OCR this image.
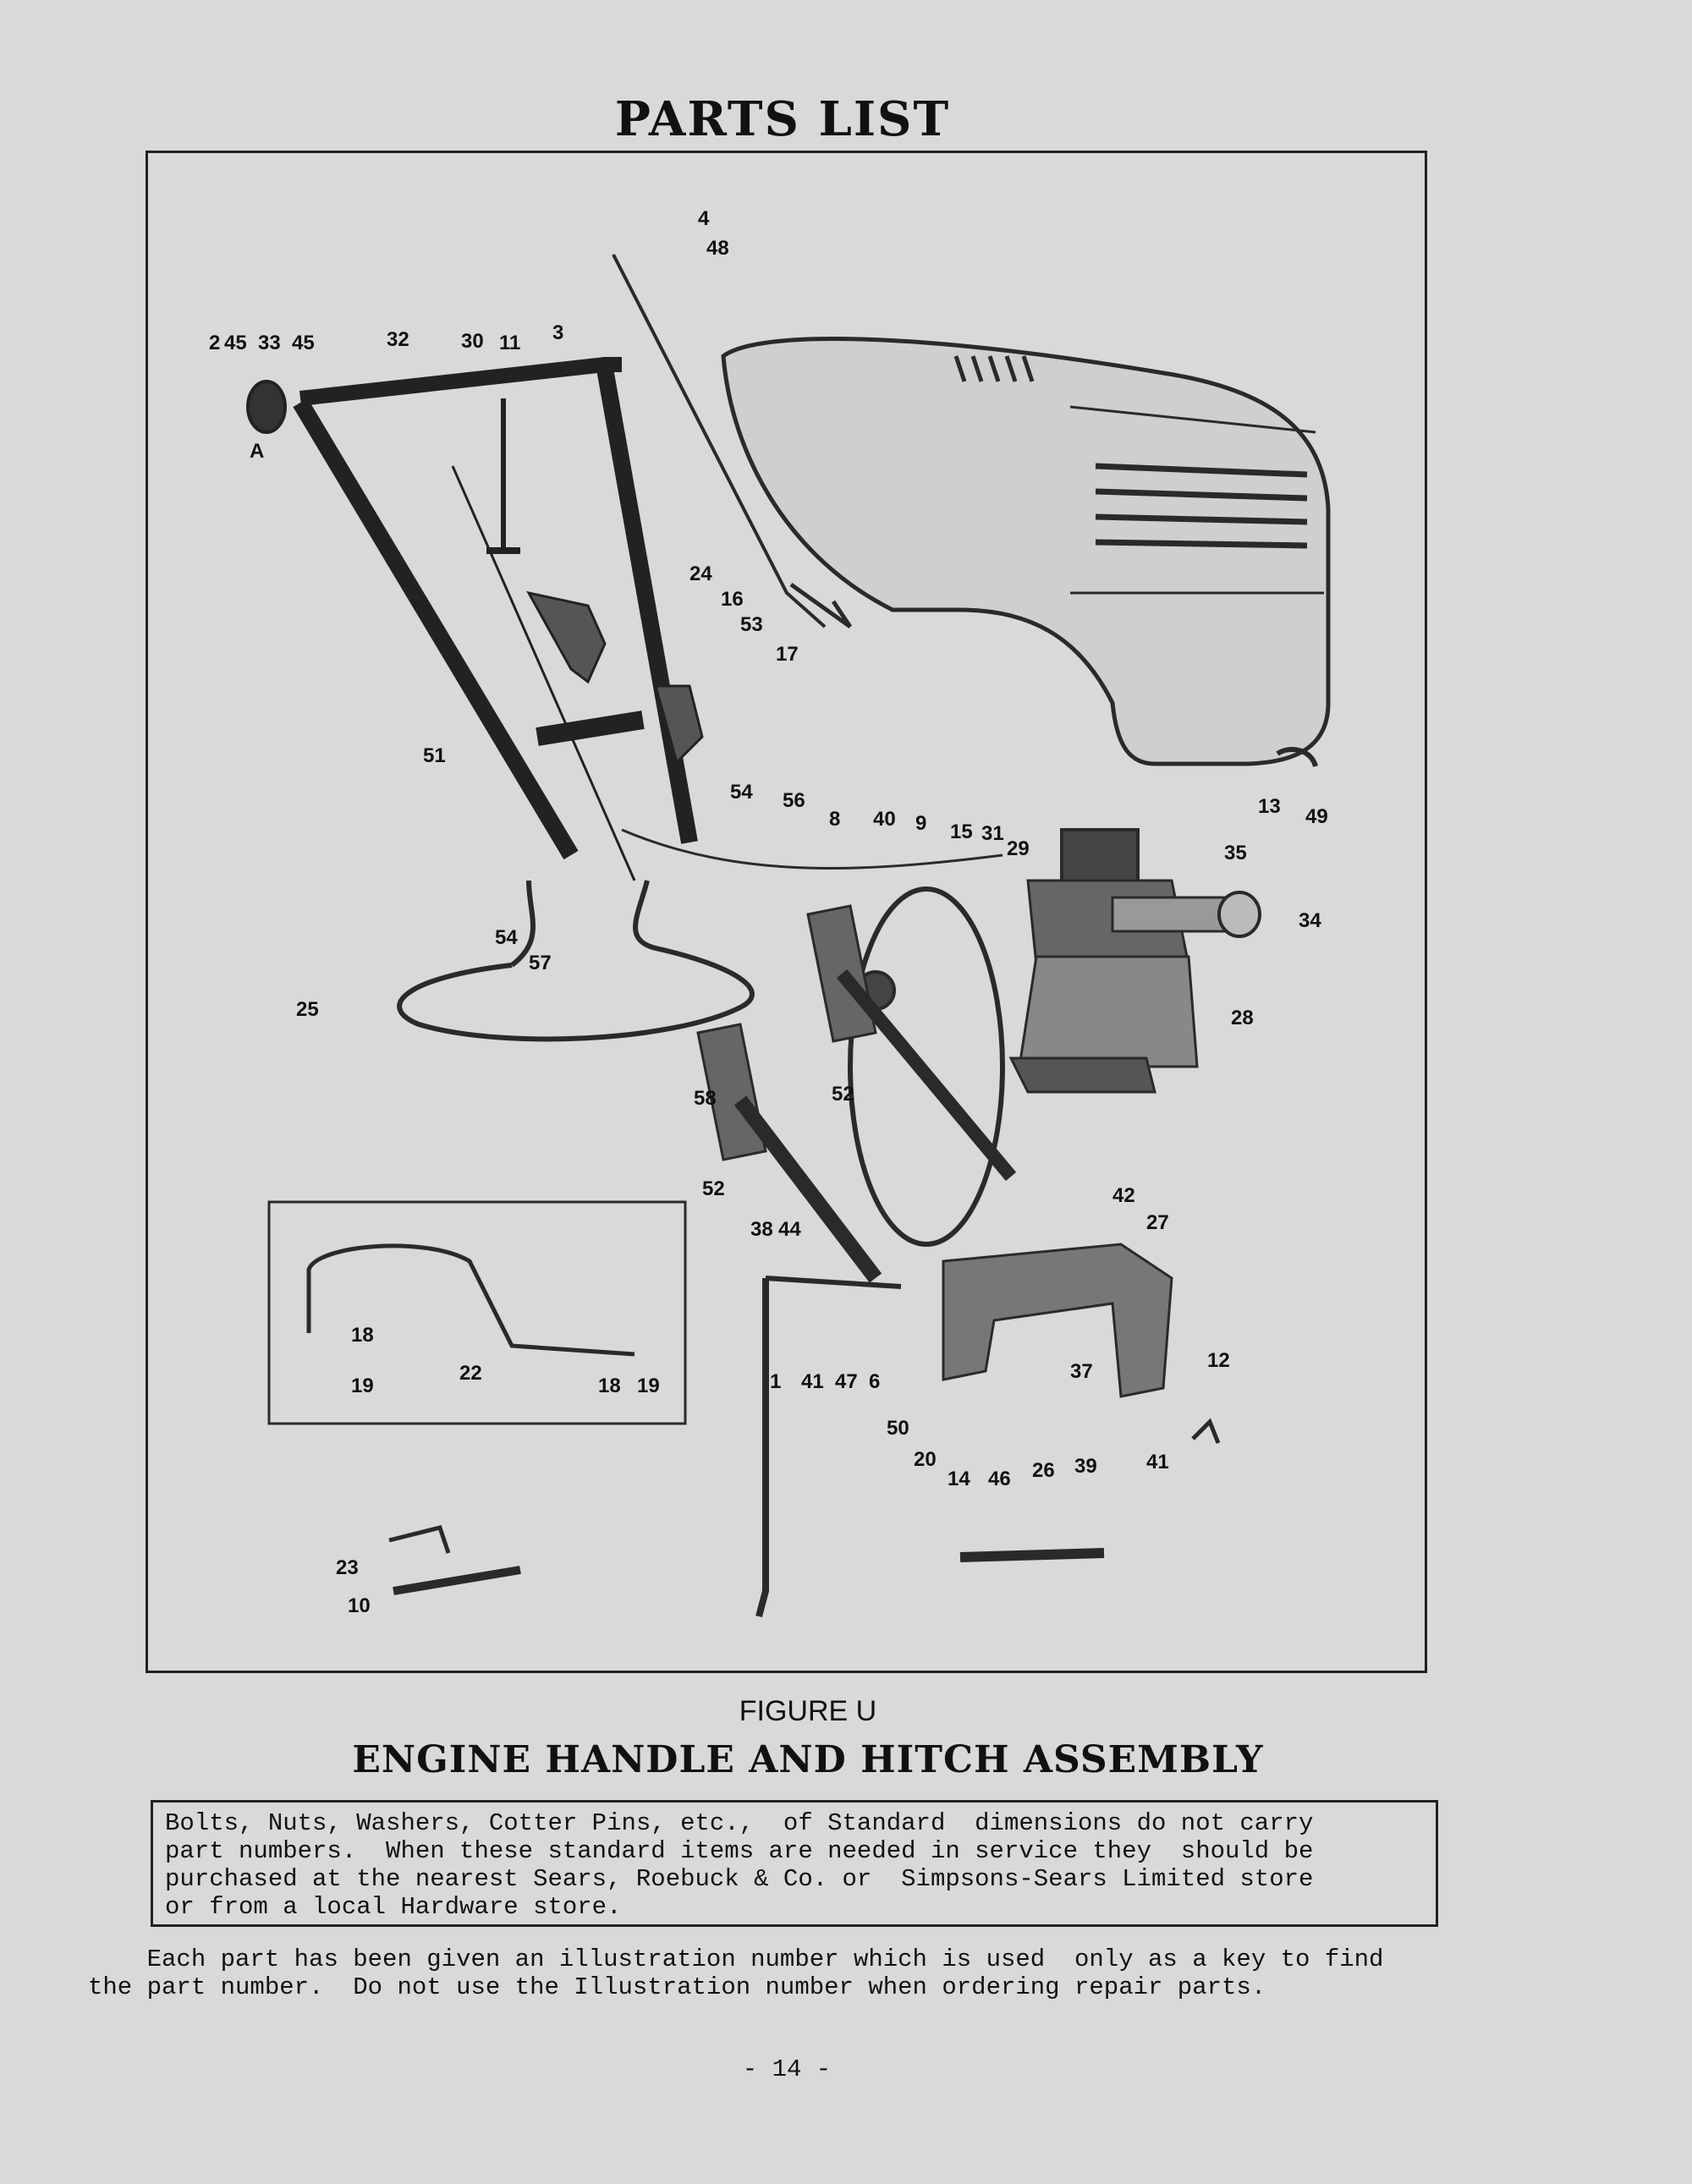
PARTS LIST
4
48
3
11
30
32
45 33 45
2
A
24
16
17
53
51
54 56
8 40 9 15 31
29	35
34
13 49
54
57
25
52
58
52
28
38 44
42
27
18
19
22
18 19	1 41 47 6	37	12
50
20
14 46 26 39 41
23
10
FIGURE U
ENGINE HANDLE AND HITCH ASSEMBLY
Bolts, Nuts, Washers, Cotter Pins, etc.,  of Standard  dimensions do not carry
part numbers.  When these standard items are needed in service they  should be
purchased at the nearest Sears, Roebuck & Co. or  Simpsons-Sears Limited store
or from a local Hardware store.
Each part has been given an illustration number which is used  only as a key to find
the part number.  Do not use the Illustration number when ordering repair parts.
- 14 -
